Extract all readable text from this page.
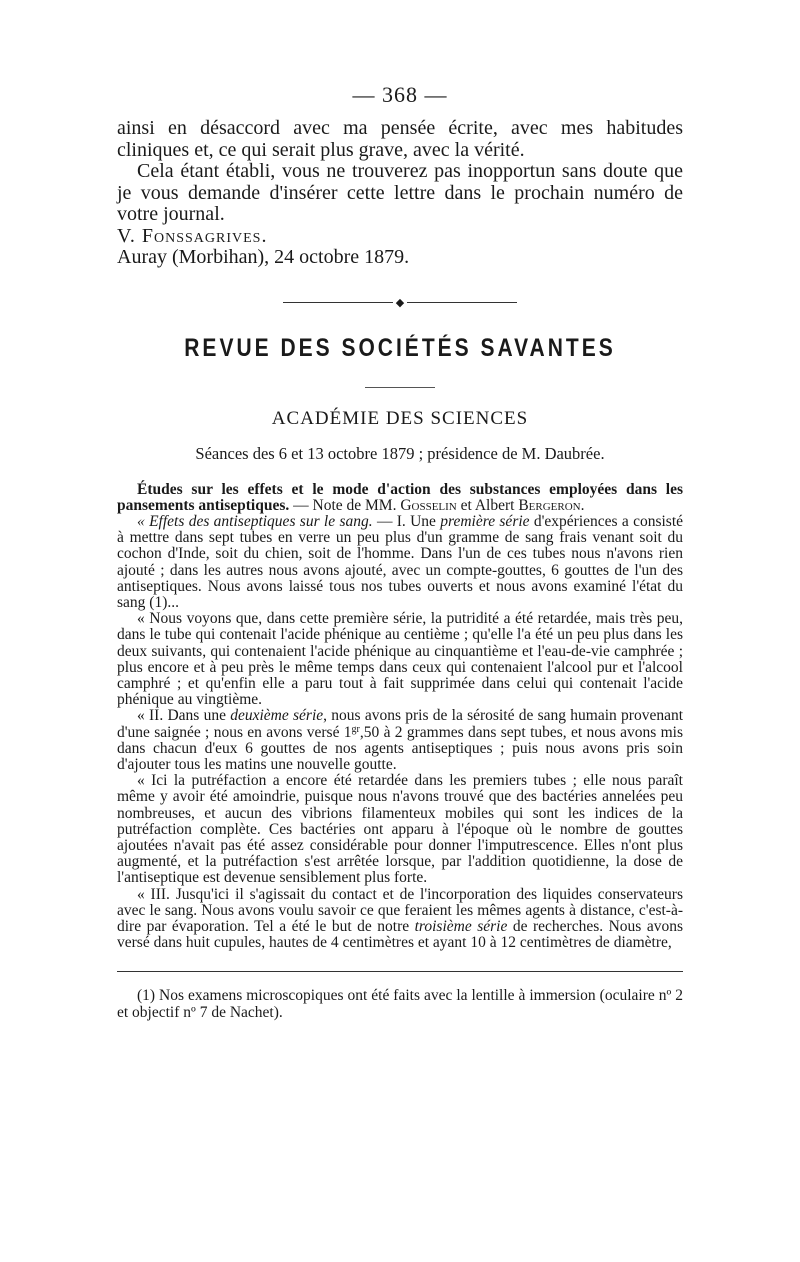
— 368 —

ainsi en désaccord avec ma pensée écrite, avec mes habitudes cliniques et, ce qui serait plus grave, avec la vérité.

Cela étant établi, vous ne trouverez pas inopportun sans doute que je vous demande d'insérer cette lettre dans le prochain numéro de votre journal.

V. Fonssagrives.

Auray (Morbihan), 24 octobre 1879.

◆
REVUE DES SOCIÉTÉS SAVANTES
ACADÉMIE DES SCIENCES
Séances des 6 et 13 octobre 1879 ; présidence de M. Daubrée.

Études sur les effets et le mode d'action des substances employées dans les pansements antiseptiques. — Note de MM. Gosselin et Albert Bergeron.

« Effets des antiseptiques sur le sang. — I. Une première série d'expériences a consisté à mettre dans sept tubes en verre un peu plus d'un gramme de sang frais venant soit du cochon d'Inde, soit du chien, soit de l'homme. Dans l'un de ces tubes nous n'avons rien ajouté ; dans les autres nous avons ajouté, avec un compte-gouttes, 6 gouttes de l'un des antiseptiques. Nous avons laissé tous nos tubes ouverts et nous avons examiné l'état du sang (1)...

« Nous voyons que, dans cette première série, la putridité a été retardée, mais très peu, dans le tube qui contenait l'acide phénique au centième ; qu'elle l'a été un peu plus dans les deux suivants, qui contenaient l'acide phénique au cinquantième et l'eau-de-vie camphrée ; plus encore et à peu près le même temps dans ceux qui contenaient l'alcool pur et l'alcool camphré ; et qu'enfin elle a paru tout à fait supprimée dans celui qui contenait l'acide phénique au vingtième.

« II. Dans une deuxième série, nous avons pris de la sérosité de sang humain provenant d'une saignée ; nous en avons versé $1^{gr},50$ à 2 grammes dans sept tubes, et nous avons mis dans chacun d'eux 6 gouttes de nos agents antiseptiques ; puis nous avons pris soin d'ajouter tous les matins une nouvelle goutte.

« Ici la putréfaction a encore été retardée dans les premiers tubes ; elle nous paraît même y avoir été amoindrie, puisque nous n'avons trouvé que des bactéries annelées peu nombreuses, et aucun des vibrions filamenteux mobiles qui sont les indices de la putréfaction complète. Ces bactéries ont apparu à l'époque où le nombre de gouttes ajoutées n'avait pas été assez considérable pour donner l'imputrescence. Elles n'ont plus augmenté, et la putréfaction s'est arrêtée lorsque, par l'addition quotidienne, la dose de l'antiseptique est devenue sensiblement plus forte.

« III. Jusqu'ici il s'agissait du contact et de l'incorporation des liquides conservateurs avec le sang. Nous avons voulu savoir ce que feraient les mêmes agents à distance, c'est-à-dire par évaporation. Tel a été le but de notre troisième série de recherches. Nous avons versé dans huit cupules, hautes de 4 centimètres et ayant 10 à 12 centimètres de diamètre,

(1) Nos examens microscopiques ont été faits avec la lentille à immersion (oculaire nº 2 et objectif nº 7 de Nachet).
